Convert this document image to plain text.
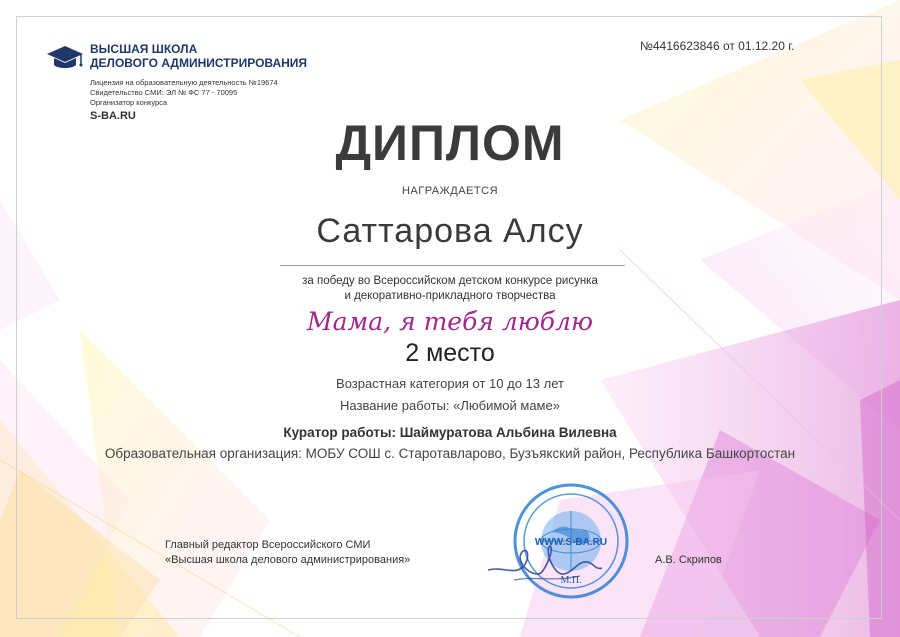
ВЫСШАЯ ШКОЛА
ДЕЛОВОГО АДМИНИСТРИРОВАНИЯ
Лицензия на образовательную деятельность №19674
Свидетельство СМИ: ЭЛ № ФС 77 - 70095
Организатор конкурса
S-BA.RU
№4416623846 от 01.12.20 г.
ДИПЛОМ
НАГРАЖДАЕТСЯ
Саттарова Алсу
за победу во Всероссийском детском конкурсе рисунка
и декоративно-прикладного творчества
Мама, я тебя люблю
2 место
Возрастная категория от 10 до 13 лет
Название работы: «Любимой маме»
Куратор работы: Шаймуратова Альбина Вилевна
Образовательная организация: МОБУ СОШ с. Старотавларово, Бузъякский район, Республика Башкортостан
Главный редактор Всероссийского СМИ
«Высшая школа делового администрирования»
WWW.S-BA.RU
М.П.
А.В. Скрипов
